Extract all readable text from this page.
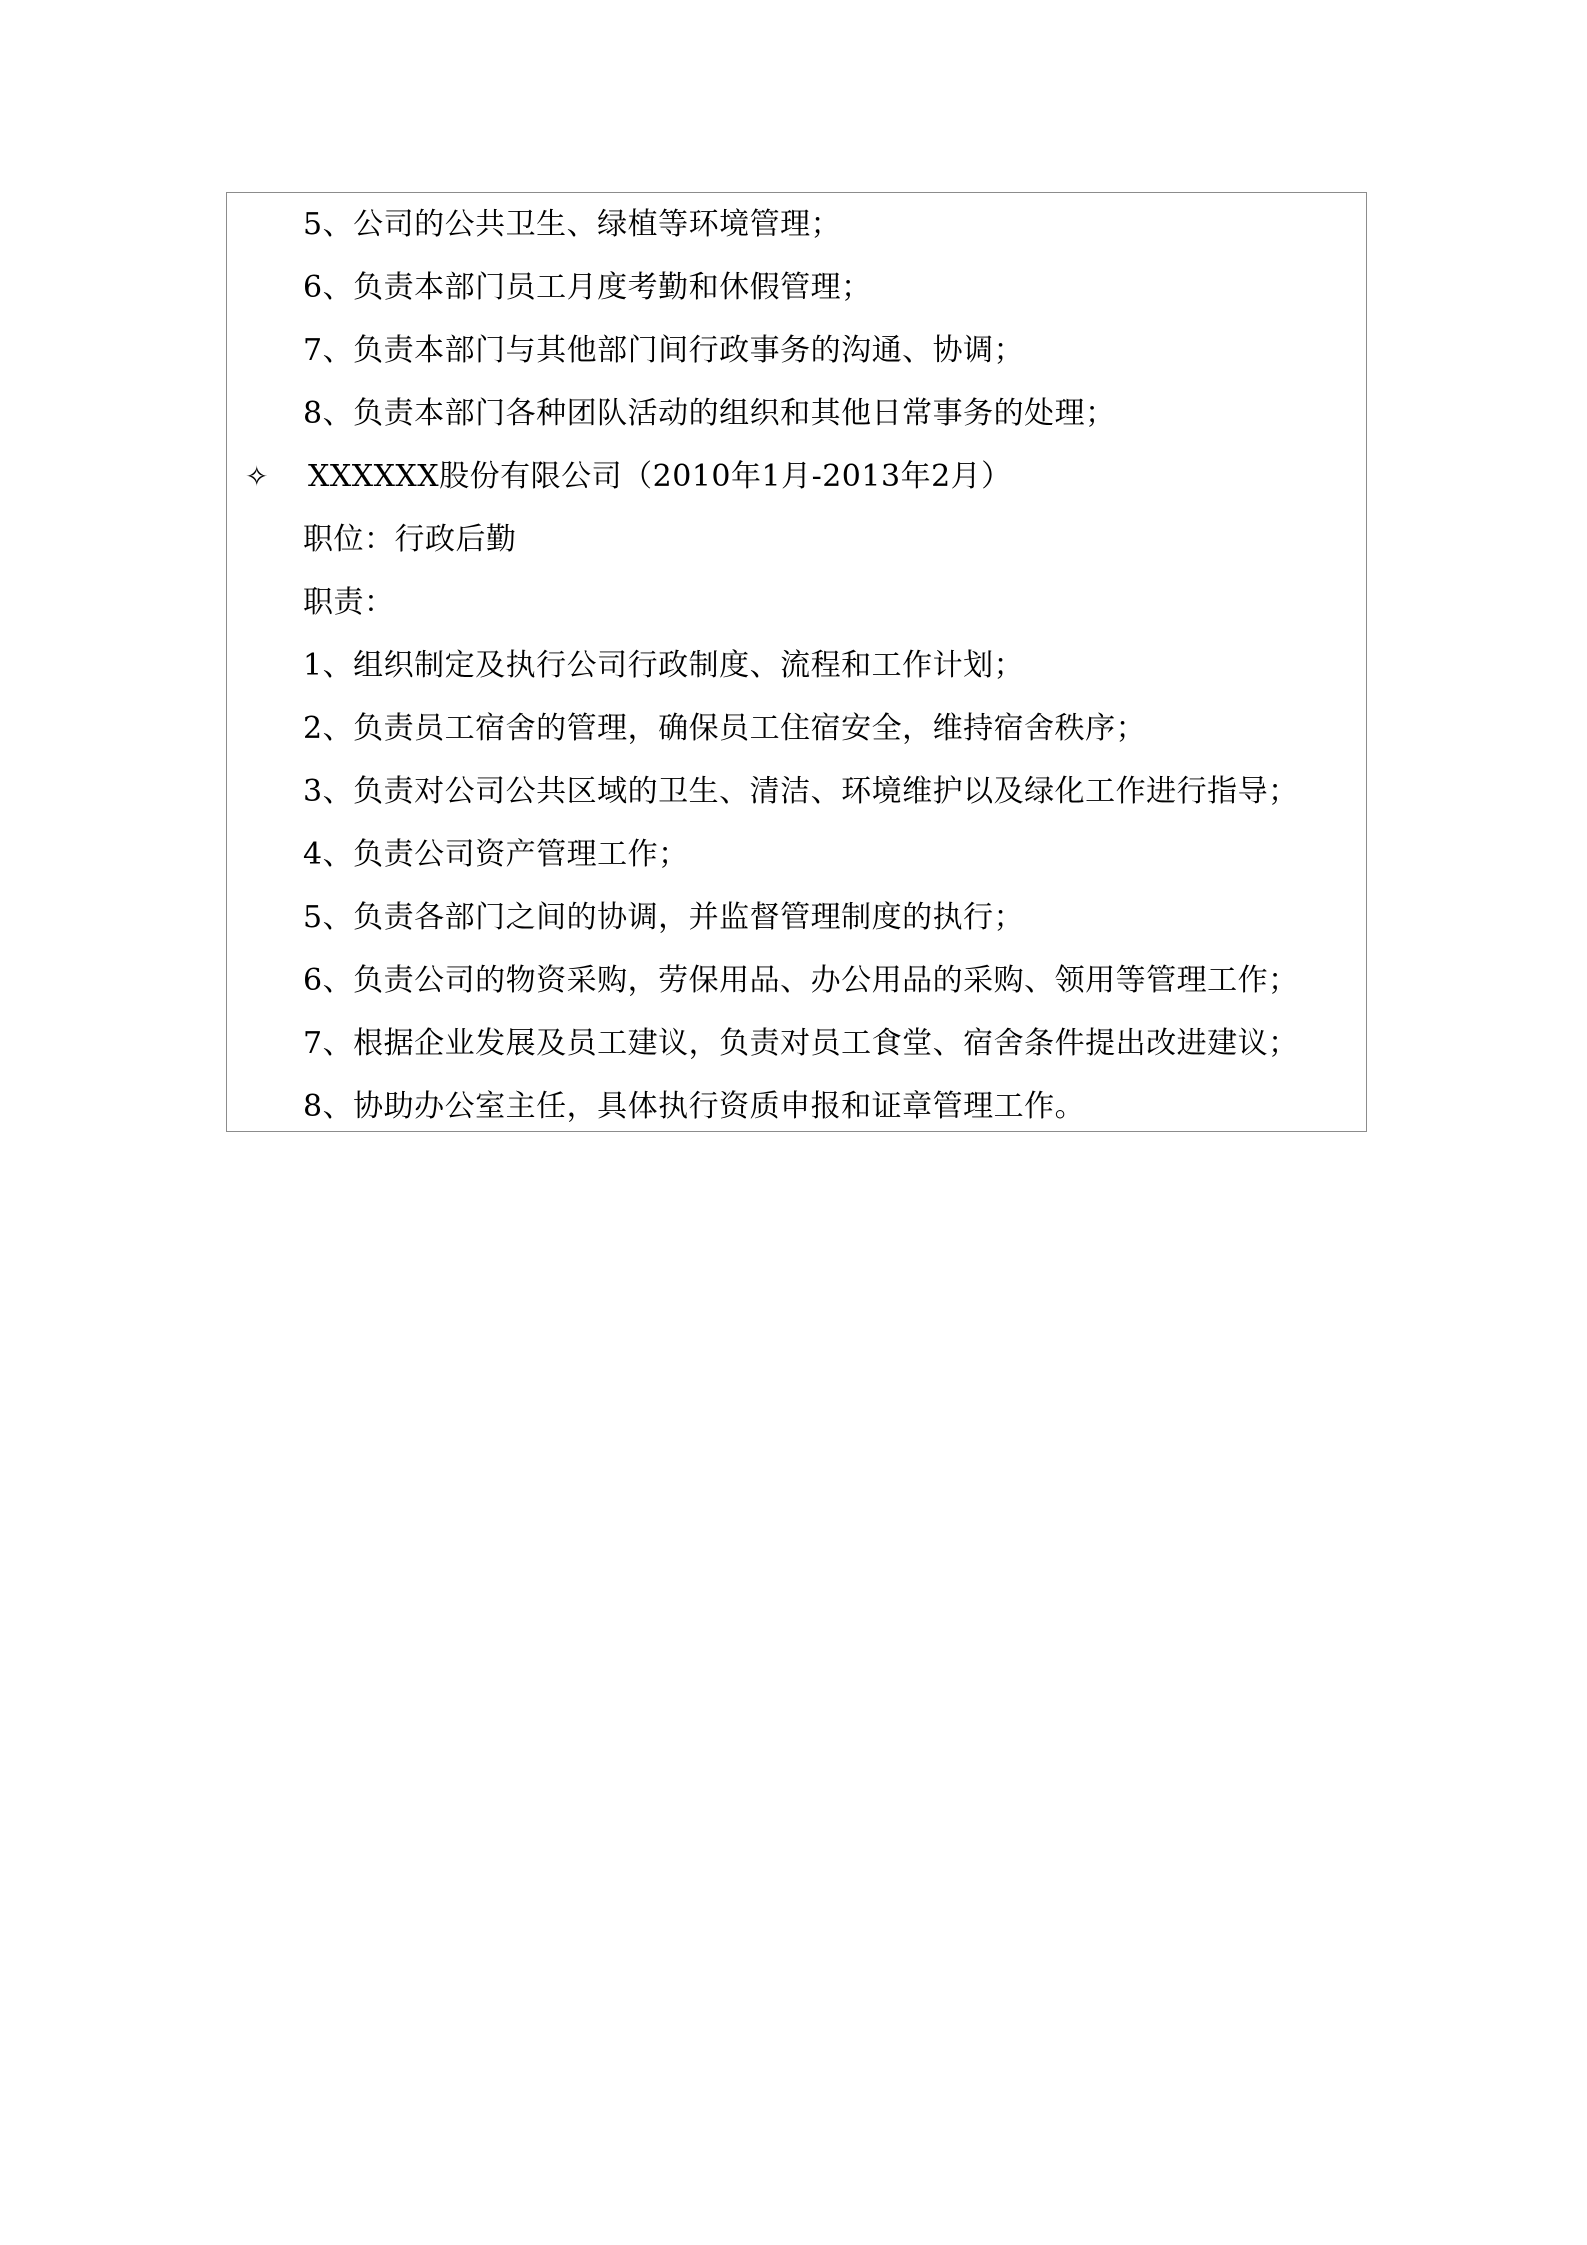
5、公司的公共卫生、绿植等环境管理；
6、负责本部门员工月度考勤和休假管理；
7、负责本部门与其他部门间行政事务的沟通、协调；
8、负责本部门各种团队活动的组织和其他日常事务的处理；
✧ XXXXXX股份有限公司（2010年1月-2013年2月）
职位：行政后勤
职责：
1、组织制定及执行公司行政制度、流程和工作计划；
2、负责员工宿舍的管理，确保员工住宿安全，维持宿舍秩序；
3、负责对公司公共区域的卫生、清洁、环境维护以及绿化工作进行指导；
4、负责公司资产管理工作；
5、负责各部门之间的协调，并监督管理制度的执行；
6、负责公司的物资采购，劳保用品、办公用品的采购、领用等管理工作；
7、根据企业发展及员工建议，负责对员工食堂、宿舍条件提出改进建议；
8、协助办公室主任，具体执行资质申报和证章管理工作。
